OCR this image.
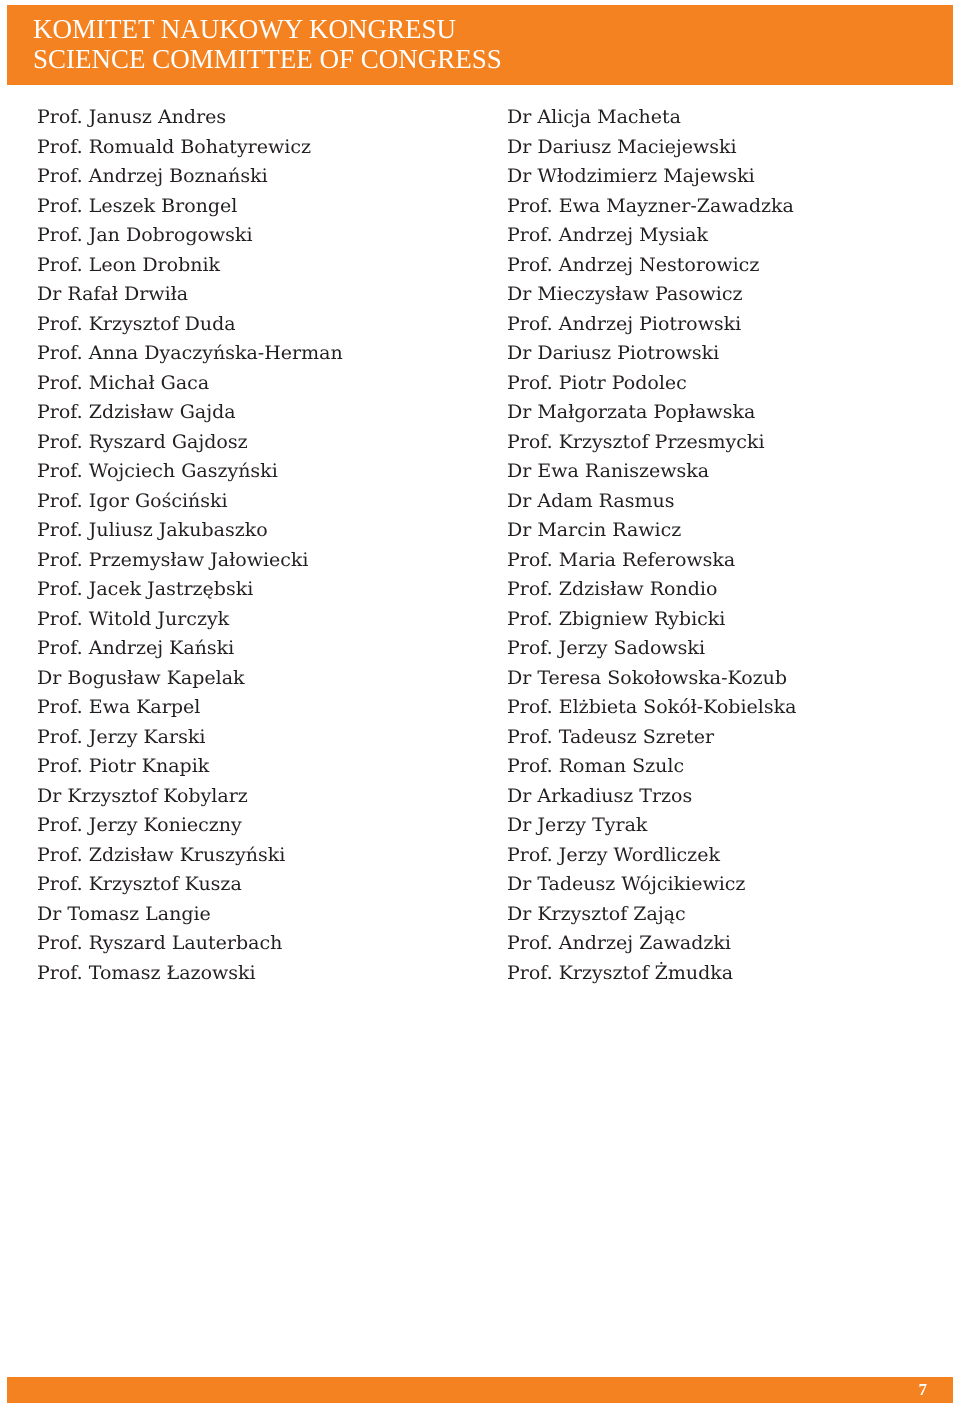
KOMITET NAUKOWY KONGRESU
SCIENCE COMMITTEE OF CONGRESS
Prof. Janusz Andres
Prof. Romuald Bohatyrewicz
Prof. Andrzej Boznański
Prof. Leszek Brongel
Prof. Jan Dobrogowski
Prof. Leon Drobnik
Dr Rafał Drwiła
Prof. Krzysztof Duda
Prof. Anna Dyaczyńska-Herman
Prof. Michał Gaca
Prof. Zdzisław Gajda
Prof. Ryszard Gajdosz
Prof. Wojciech Gaszyński
Prof. Igor Gościński
Prof. Juliusz Jakubaszko
Prof. Przemysław Jałowiecki
Prof. Jacek Jastrzębski
Prof. Witold Jurczyk
Prof. Andrzej Kański
Dr Bogusław Kapelak
Prof. Ewa Karpel
Prof. Jerzy Karski
Prof. Piotr Knapik
Dr Krzysztof Kobylarz
Prof. Jerzy Konieczny
Prof. Zdzisław Kruszyński
Prof. Krzysztof Kusza
Dr Tomasz Langie
Prof. Ryszard Lauterbach
Prof. Tomasz Łazowski
Dr Alicja Macheta
Dr Dariusz Maciejewski
Dr Włodzimierz Majewski
Prof. Ewa Mayzner-Zawadzka
Prof. Andrzej Mysiak
Prof. Andrzej Nestorowicz
Dr Mieczysław Pasowicz
Prof. Andrzej Piotrowski
Dr Dariusz Piotrowski
Prof. Piotr Podolec
Dr Małgorzata Popławska
Prof. Krzysztof Przesmycki
Dr Ewa Raniszewska
Dr Adam Rasmus
Dr Marcin Rawicz
Prof. Maria Referowska
Prof. Zdzisław Rondio
Prof. Zbigniew Rybicki
Prof. Jerzy Sadowski
Dr Teresa Sokołowska-Kozub
Prof. Elżbieta Sokół-Kobielska
Prof. Tadeusz Szreter
Prof. Roman Szulc
Dr Arkadiusz Trzos
Dr Jerzy Tyrak
Prof. Jerzy Wordliczek
Dr Tadeusz Wójcikiewicz
Dr Krzysztof Zając
Prof. Andrzej Zawadzki
Prof. Krzysztof Żmudka
7
